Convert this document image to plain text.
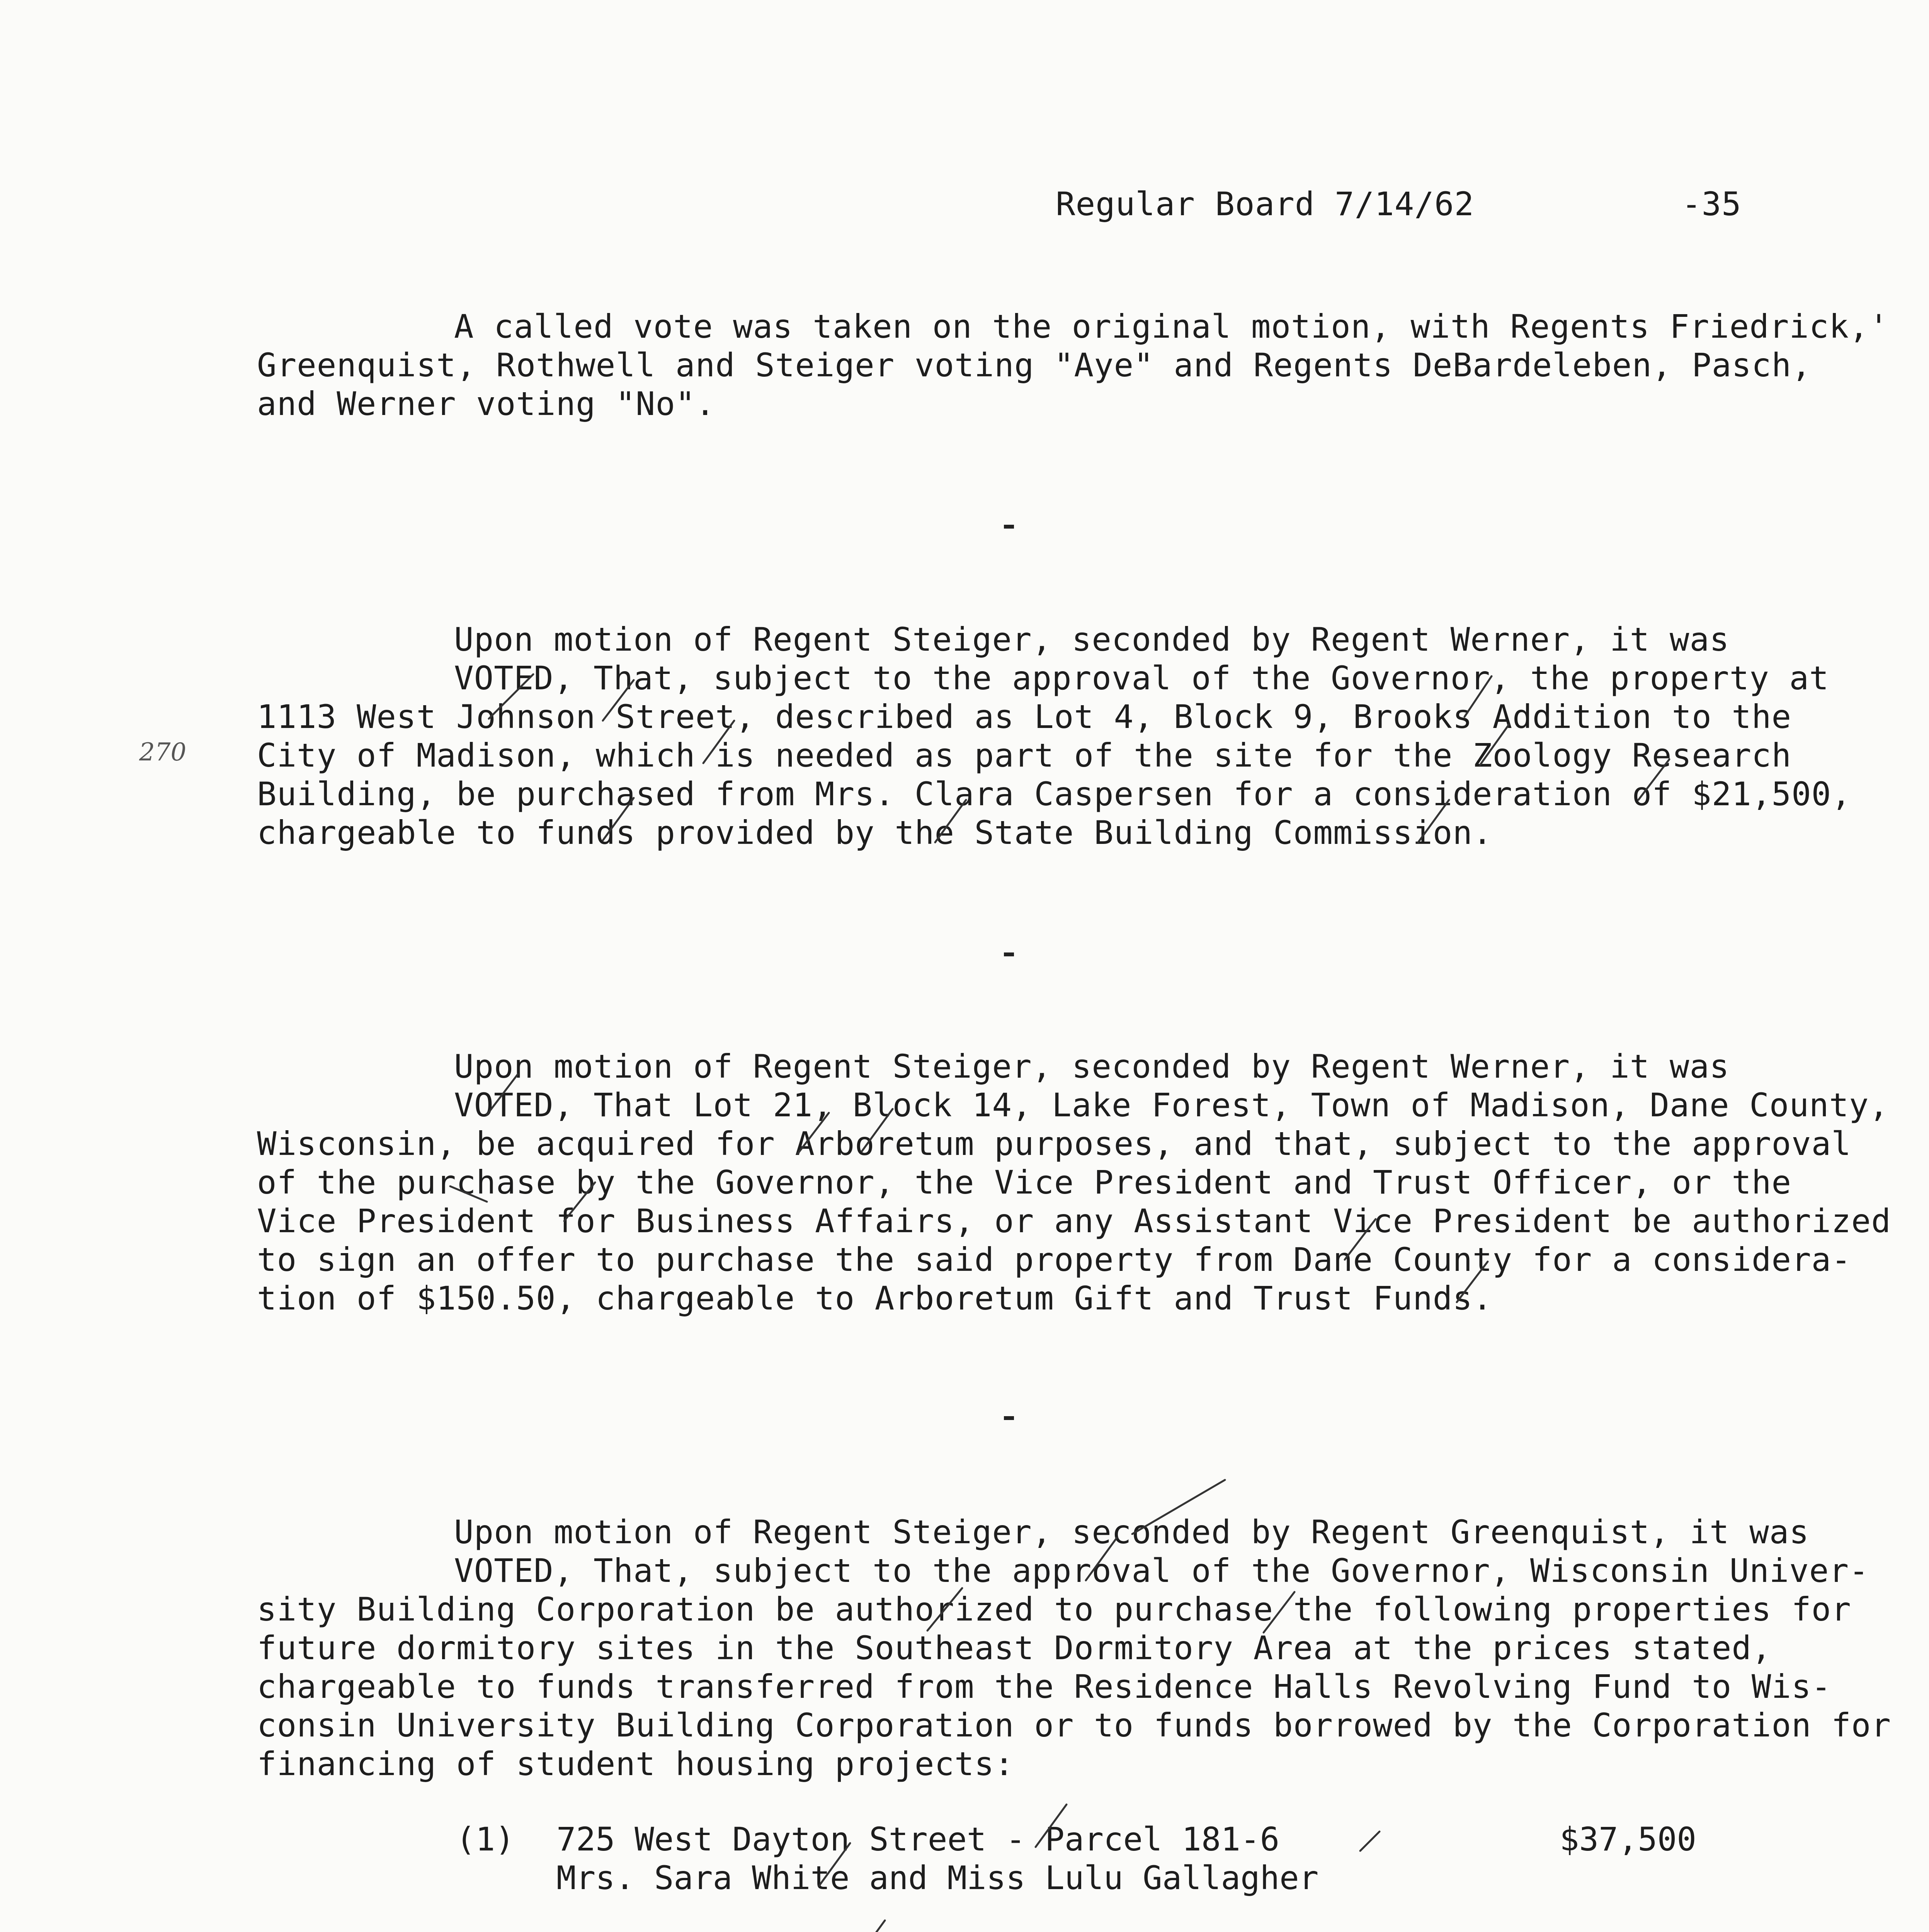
Regular Board 7/14/62	-35
A called vote was taken on the original motion, with Regents Friedrick,'
Greenquist, Rothwell and Steiger voting "Aye" and Regents DeBardeleben, Pasch,
and Werner voting "No".
Upon motion of Regent Steiger, seconded by Regent Werner, it was
VOTED, That, subject to the approval of the Governor, the property at
1113 West Johnson Street, described as Lot 4, Block 9, Brooks Addition to the
City of Madison, which is needed as part of the site for the Zoology Research
Building, be purchased from Mrs. Clara Caspersen for a consideration of $21,500,
chargeable to funds provided by the State Building Commission.
270
Upon motion of Regent Steiger, seconded by Regent Werner, it was
VOTED, That Lot 21, Block 14, Lake Forest, Town of Madison, Dane County,
Wisconsin, be acquired for Arboretum purposes, and that, subject to the approval
of the purchase by the Governor, the Vice President and Trust Officer, or the
Vice President for Business Affairs, or any Assistant Vice President be authorized
to sign an offer to purchase the said property from Dane County for a considera-
tion of $150.50, chargeable to Arboretum Gift and Trust Funds.
Upon motion of Regent Steiger, seconded by Regent Greenquist, it was
VOTED, That, subject to the approval of the Governor, Wisconsin Univer-
sity Building Corporation be authorized to purchase the following properties for
future dormitory sites in the Southeast Dormitory Area at the prices stated,
chargeable to funds transferred from the Residence Halls Revolving Fund to Wis-
consin University Building Corporation or to funds borrowed by the Corporation for
financing of student housing projects:
(1) 725 West Dayton Street - Parcel 181-6
Mrs. Sara White and Miss Lulu Gallagher
$37,500
